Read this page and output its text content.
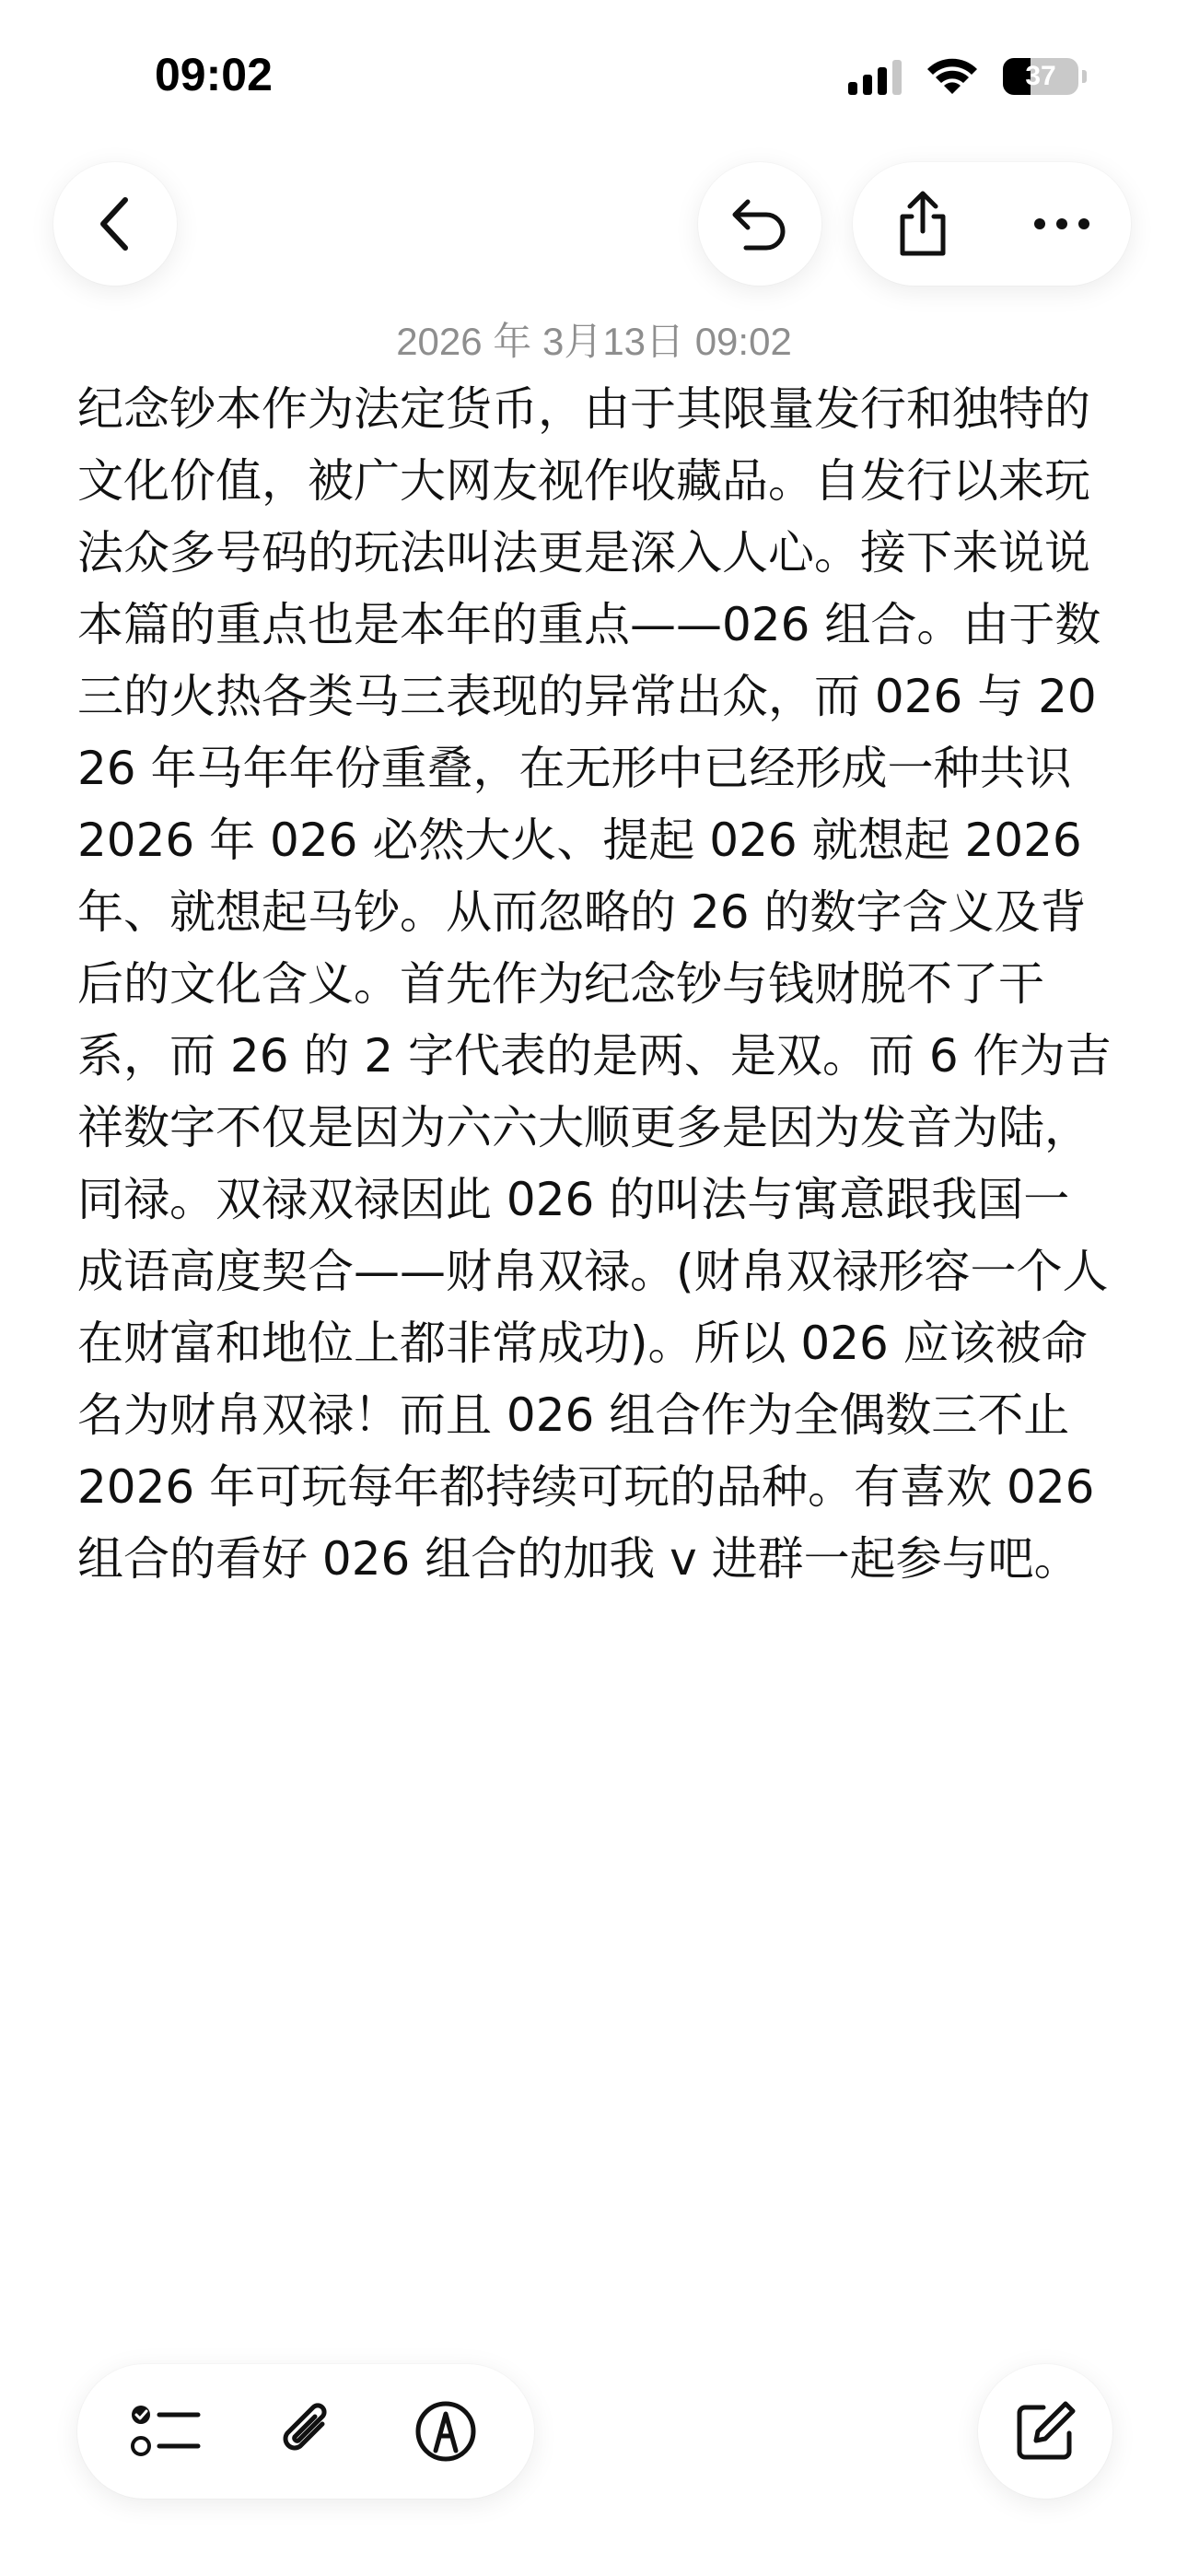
09:02	37
2026 年 3月13日 09:02

纪念钞本作为法定货币，由于其限量发行和独特的文化价值，被广大网友视作收藏品。自发行以来玩法众多号码的玩法叫法更是深入人心。接下来说说本篇的重点也是本年的重点——026 组合。由于数三的火热各类马三表现的异常出众，而 026 与 2026 年马年年份重叠，在无形中已经形成一种共识 2026 年 026 必然大火、提起 026 就想起 2026 年、就想起马钞。从而忽略的 26 的数字含义及背后的文化含义。首先作为纪念钞与钱财脱不了干系，而 26 的 2 字代表的是两、是双。而 6 作为吉祥数字不仅是因为六六大顺更多是因为发音为陆，同禄。双禄双禄因此 026 的叫法与寓意跟我国一成语高度契合——财帛双禄。(财帛双禄形容一个人在财富和地位上都非常成功)。所以 026 应该被命名为财帛双禄！而且 026 组合作为全偶数三不止 2026 年可玩每年都持续可玩的品种。有喜欢 026 组合的看好 026 组合的加我 v 进群一起参与吧。
